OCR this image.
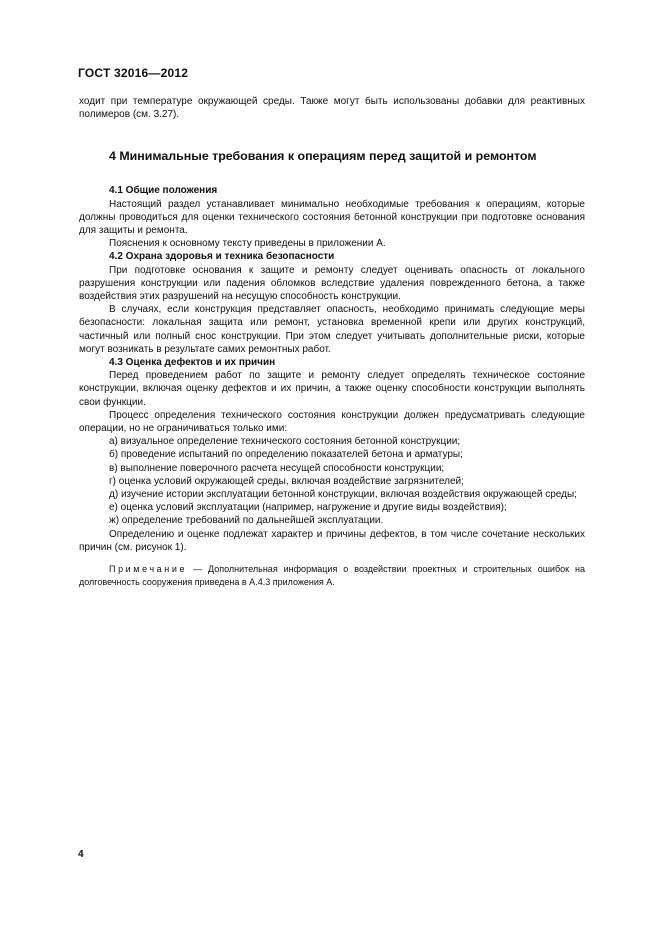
ГОСТ 32016—2012

ходит при температуре окружающей среды. Также могут быть использованы добавки для реактивных полимеров (см. 3.27).

4 Минимальные требования к операциям перед защитой и ремонтом

4.1 Общие положения

Настоящий раздел устанавливает минимально необходимые требования к операциям, которые должны проводиться для оценки технического состояния бетонной конструкции при подготовке основания для защиты и ремонта.

Пояснения к основному тексту приведены в приложении А.

4.2 Охрана здоровья и техника безопасности

При подготовке основания к защите и ремонту следует оценивать опасность от локального разрушения конструкции или падения обломков вследствие удаления поврежденного бетона, а также воздействия этих разрушений на несущую способность конструкции.

В случаях, если конструкция представляет опасность, необходимо принимать следующие меры безопасности: локальная защита или ремонт, установка временной крепи или других конструкций, частичный или полный снос конструкции. При этом следует учитывать дополнительные риски, которые могут возникать в результате самих ремонтных работ.

4.3 Оценка дефектов и их причин

Перед проведением работ по защите и ремонту следует определять техническое состояние конструкции, включая оценку дефектов и их причин, а также оценку способности конструкции выполнять свои функции.

Процесс определения технического состояния конструкции должен предусматривать следующие операции, но не ограничиваться только ими:

а) визуальное определение технического состояния бетонной конструкции;

б) проведение испытаний по определению показателей бетона и арматуры;

в) выполнение поверочного расчета несущей способности конструкции;

г) оценка условий окружающей среды, включая воздействие загрязнителей;

д) изучение истории эксплуатации бетонной конструкции, включая воздействия окружающей среды;

е) оценка условий эксплуатации (например, нагружение и другие виды воздействия);

ж) определение требований по дальнейшей эксплуатации.

Определению и оценке подлежат характер и причины дефектов, в том числе сочетание нескольких причин (см. рисунок 1).

Примечание — Дополнительная информация о воздействии проектных и строительных ошибок на долговечность сооружения приведена в А.4.3 приложения А.

4
